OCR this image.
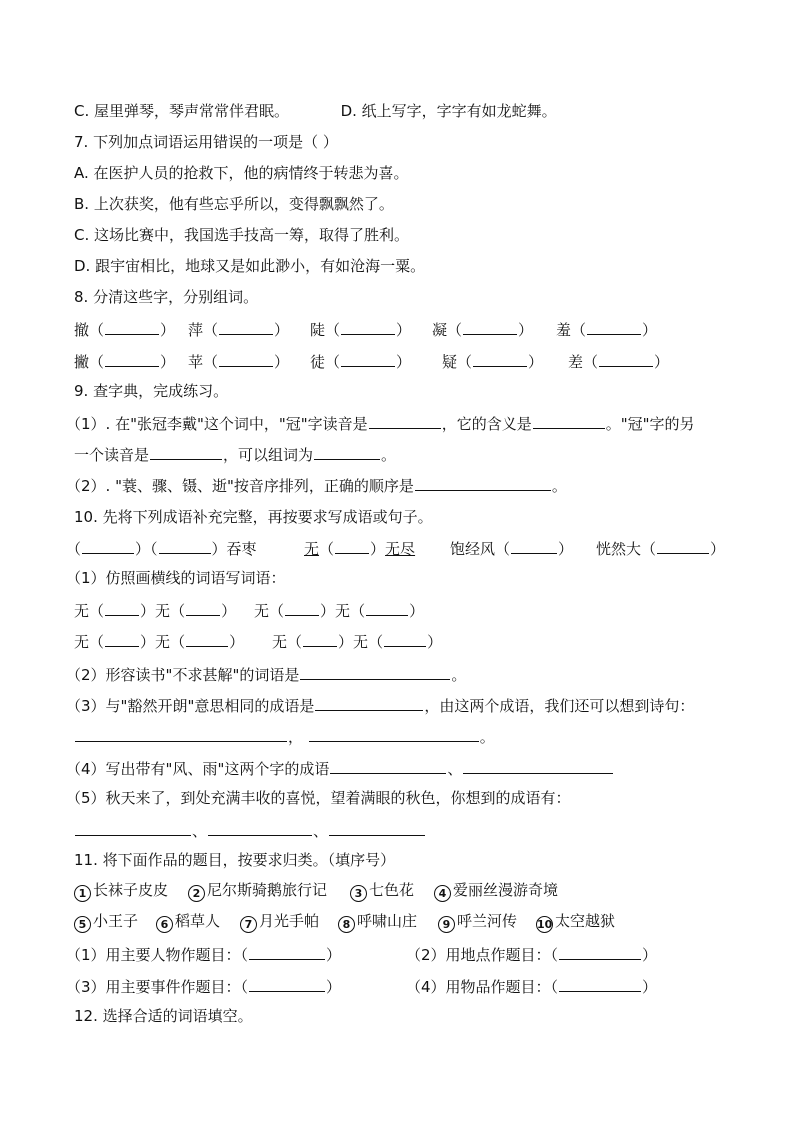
C. 屋里弹琴，琴声常常伴君眠。	D. 纸上写字，字字有如龙蛇舞。
7. 下列加点词语运用错误的一项是（ ）
A. 在医护人员的抢救下，他的病情终于转悲为喜。
B. 上次获奖，他有些忘乎所以，变得飘飘然了。
C. 这场比赛中，我国选手技高一筹，取得了胜利。
D. 跟宇宙相比，地球又是如此渺小，有如沧海一粟。
8. 分清这些字，分别组词。
撤（	） 萍（	） 陡（	） 凝（	） 羞（	）
撇（	） 苹（	） 徒（	） 疑（	） 差（	）
9. 查字典，完成练习。
（1）. 在"张冠李戴"这个词中，"冠"字读音是	，它的含义是	。"冠"字的另
一个读音是	，可以组词为	。
（2）. "蓑、骤、镊、逝"按音序排列，正确的顺序是	。
10. 先将下列成语补充完整，再按要求写成语或句子。
（	）（	）吞枣	无（ ）无尽 饱经风（	） 恍然大（	）
（1）仿照画横线的词语写词语：
无（ ）无（ ） 无（ ）无（	）
无（ ）无（	） 无（ ）无（	）
（2）形容读书"不求甚解"的词语是	。
（3）与"豁然开朗"意思相同的成语是	，由这两个成语，我们还可以想到诗句：
，	。
（4）写出带有"风、雨"这两个字的成语	、
（5）秋天来了，到处充满丰收的喜悦，望着满眼的秋色，你想到的成语有：
、	、
11. 将下面作品的题目，按要求归类。（填序号）
1 长袜子皮皮	2 尼尔斯骑鹅旅行记	3 七色花	4 爱丽丝漫游奇境
5 小王子	6 稻草人	7 月光手帕	8 呼啸山庄	9 呼兰河传 10 太空越狱
（1）用主要人物作题目：（	）	（2）用地点作题目：（	）
（3）用主要事件作题目：（	）	（4）用物品作题目：（	）
12. 选择合适的词语填空。
